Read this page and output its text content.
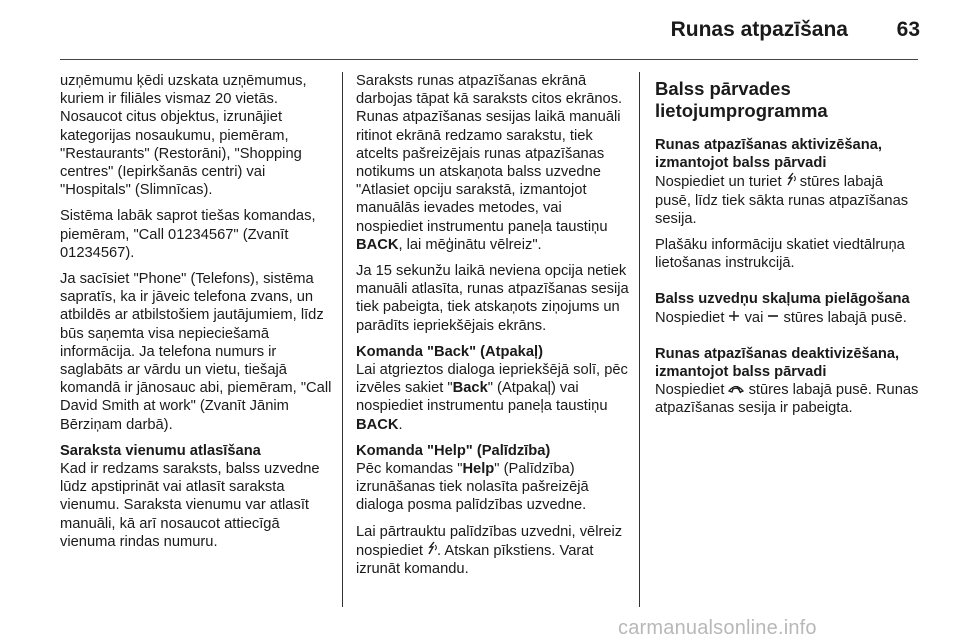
Runas atpazīšana 63

uzņēmumu ķēdi uzskata uzņēmumus, kuriem ir filiāles vismaz 20 vietās. Nosaucot citus objektus, izrunājiet kategorijas nosaukumu, piemēram, "Restaurants" (Restorāni), "Shopping centres" (Iepirkšanās centri) vai "Hospitals" (Slimnīcas).

Sistēma labāk saprot tiešas komandas, piemēram, "Call 01234567" (Zvanīt 01234567).

Ja sacīsiet "Phone" (Telefons), sistēma sapratīs, ka ir jāveic telefona zvans, un atbildēs ar atbilstošiem jautājumiem, līdz būs saņemta visa nepieciešamā informācija. Ja telefona numurs ir saglabāts ar vārdu un vietu, tiešajā komandā ir jānosauc abi, piemēram, "Call David Smith at work" (Zvanīt Jānim Bērziņam darbā).

Saraksta vienumu atlasīšana

Kad ir redzams saraksts, balss uzvedne lūdz apstiprināt vai atlasīt saraksta vienumu. Saraksta vienumu var atlasīt manuāli, kā arī nosaucot attiecīgā vienuma rindas numuru.

Saraksts runas atpazīšanas ekrānā darbojas tāpat kā saraksts citos ekrānos. Runas atpazīšanas sesijas laikā manuāli ritinot ekrānā redzamo sarakstu, tiek atcelts pašreizējais runas atpazīšanas notikums un atskaņota balss uzvedne "Atlasiet opciju sarakstā, izmantojot manuālās ievades metodes, vai nospiediet instrumentu paneļa taustiņu BACK, lai mēģinātu vēlreiz".

Ja 15 sekunžu laikā neviena opcija netiek manuāli atlasīta, runas atpazīšanas sesija tiek pabeigta, tiek atskaņots ziņojums un parādīts iepriekšējais ekrāns.

Komanda "Back" (Atpakaļ)

Lai atgrieztos dialoga iepriekšējā solī, pēc izvēles sakiet "Back" (Atpakaļ) vai nospiediet instrumentu paneļa taustiņu BACK.

Komanda "Help" (Palīdzība)

Pēc komandas "Help" (Palīdzība) izrunāšanas tiek nolasīta pašreizējā dialoga posma palīdzības uzvedne.

Lai pārtrauktu palīdzības uzvedni, vēlreiz nospiediet . Atskan pīkstiens. Varat izrunāt komandu.

Balss pārvades lietojumprogramma
Runas atpazīšanas aktivizēšana, izmantojot balss pārvadi

Nospiediet un turiet  stūres labajā pusē, līdz tiek sākta runas atpazīšanas sesija.

Plašāku informāciju skatiet viedtālruņa lietošanas instrukcijā.

Balss uzvedņu skaļuma pielāgošana

Nospiediet  vai  stūres labajā pusē.

Runas atpazīšanas deaktivizēšana, izmantojot balss pārvadi

Nospiediet  stūres labajā pusē. Runas atpazīšanas sesija ir pabeigta.

carmanualsonline.info
